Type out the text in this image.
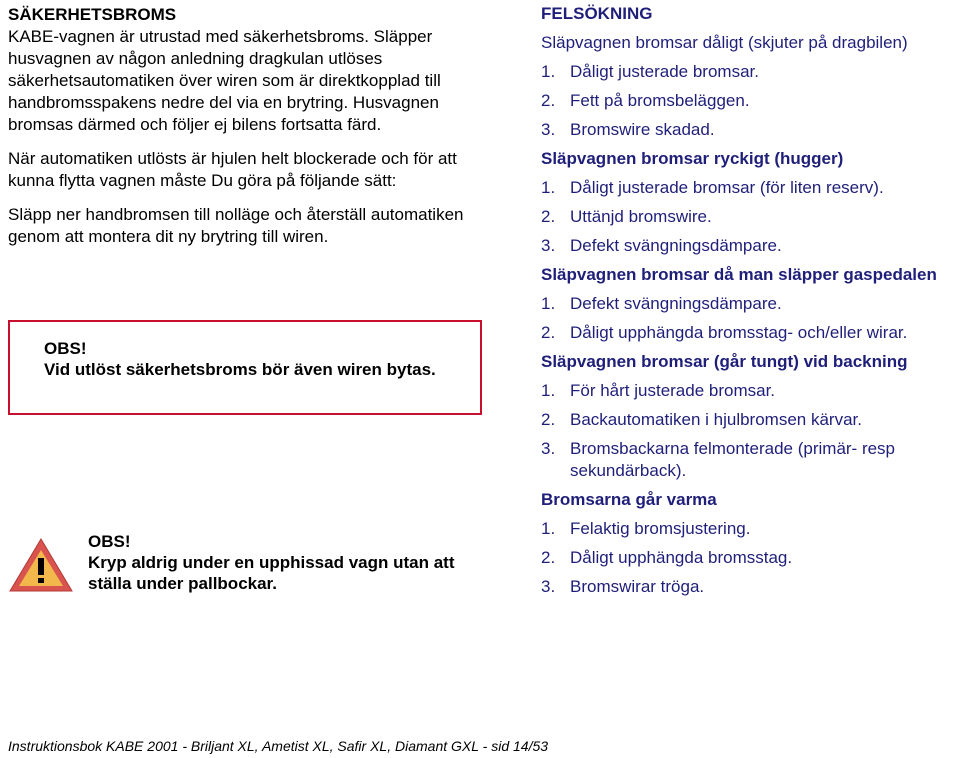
SÄKERHETSBROMS

KABE-vagnen är utrustad med säkerhetsbroms. Släpper husvagnen av någon anledning dragkulan utlöses säkerhetsautomatiken över wiren som är direktkopplad till handbromsspakens nedre del via en brytring. Husvagnen bromsas därmed och följer ej bilens fortsatta färd.

När automatiken utlösts är hjulen helt blockerade och för att kunna flytta vagnen måste Du göra på följande sätt:

Släpp ner handbromsen till nolläge och återställ automatiken genom att montera dit ny brytring till wiren.

OBS!

Vid utlöst säkerhetsbroms bör även wiren bytas.

OBS!

Kryp aldrig under en upphissad vagn utan att ställa under pallbockar.

FELSÖKNING

Släpvagnen bromsar dåligt (skjuter på dragbilen)

1. Dåligt justerade bromsar.
2. Fett på bromsbeläggen.
3. Bromswire skadad.

Släpvagnen bromsar ryckigt (hugger)

1. Dåligt justerade bromsar (för liten reserv).
2. Uttänjd bromswire.
3. Defekt svängningsdämpare.

Släpvagnen bromsar då man släpper gaspedalen

1. Defekt svängningsdämpare.
2. Dåligt upphängda bromsstag- och/eller wirar.

Släpvagnen bromsar (går tungt) vid backning

1. För hårt justerade bromsar.
2. Backautomatiken i hjulbromsen kärvar.
3. Bromsbackarna felmonterade (primär- resp sekundärback).

Bromsarna går varma

1. Felaktig bromsjustering.
2. Dåligt upphängda bromsstag.
3. Bromswirar tröga.
Instruktionsbok KABE 2001 - Briljant XL, Ametist XL, Safir XL, Diamant GXL - sid 14/53
